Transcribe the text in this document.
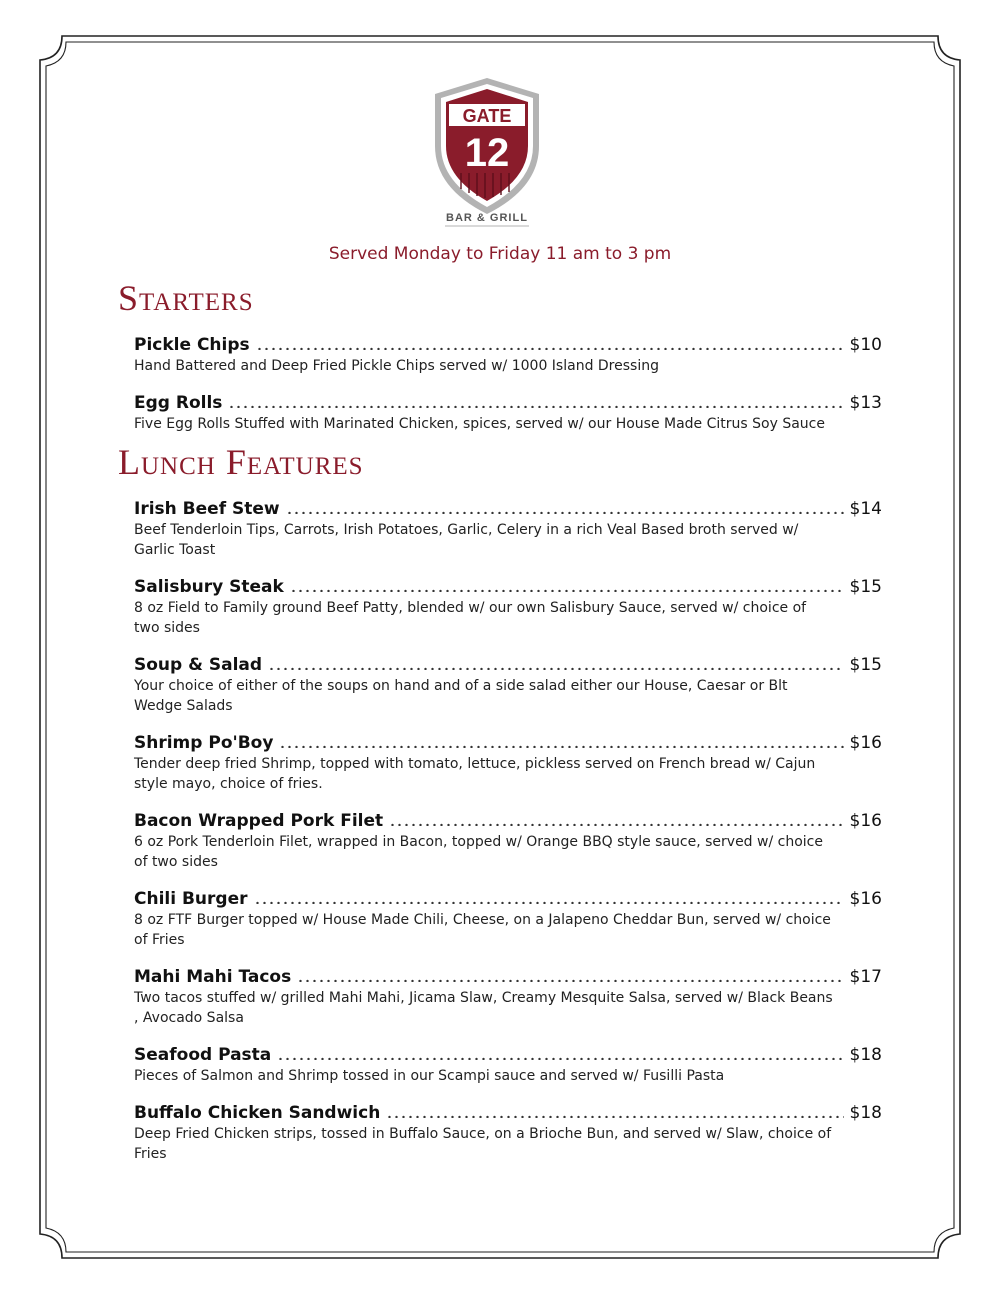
GATE
12
BAR & GRILL
Served Monday to Friday 11 am to 3 pm
Starters
Pickle Chips	$10
Hand Battered and Deep Fried Pickle Chips served w/ 1000 Island Dressing
Egg Rolls	$13
Five Egg Rolls Stuffed with Marinated Chicken, spices, served w/ our House Made Citrus Soy Sauce
Lunch Features
Irish Beef Stew	$14
Beef Tenderloin Tips, Carrots, Irish Potatoes, Garlic, Celery in a rich Veal Based broth served w/ Garlic Toast
Salisbury Steak	$15
8 oz Field to Family ground Beef Patty, blended w/ our own Salisbury Sauce, served w/ choice of two sides
Soup & Salad	$15
Your choice of either of the soups on hand and of a side salad either our House, Caesar or Blt Wedge Salads
Shrimp Po'Boy	$16
Tender deep fried Shrimp, topped with tomato, lettuce, pickless served on French bread w/ Cajun style mayo, choice of fries.
Bacon Wrapped Pork Filet	$16
6 oz Pork Tenderloin Filet, wrapped in Bacon, topped w/ Orange BBQ style sauce, served w/ choice of two sides
Chili Burger	$16
8 oz FTF Burger topped w/ House Made Chili, Cheese, on a Jalapeno Cheddar Bun, served w/ choice of Fries
Mahi Mahi Tacos	$17
Two tacos stuffed w/ grilled Mahi Mahi, Jicama Slaw, Creamy Mesquite Salsa, served w/ Black Beans , Avocado Salsa
Seafood Pasta	$18
Pieces of Salmon and Shrimp tossed in our Scampi sauce and served w/ Fusilli Pasta
Buffalo Chicken Sandwich	$18
Deep Fried Chicken strips, tossed in Buffalo Sauce, on a Brioche Bun, and served w/ Slaw, choice of Fries
